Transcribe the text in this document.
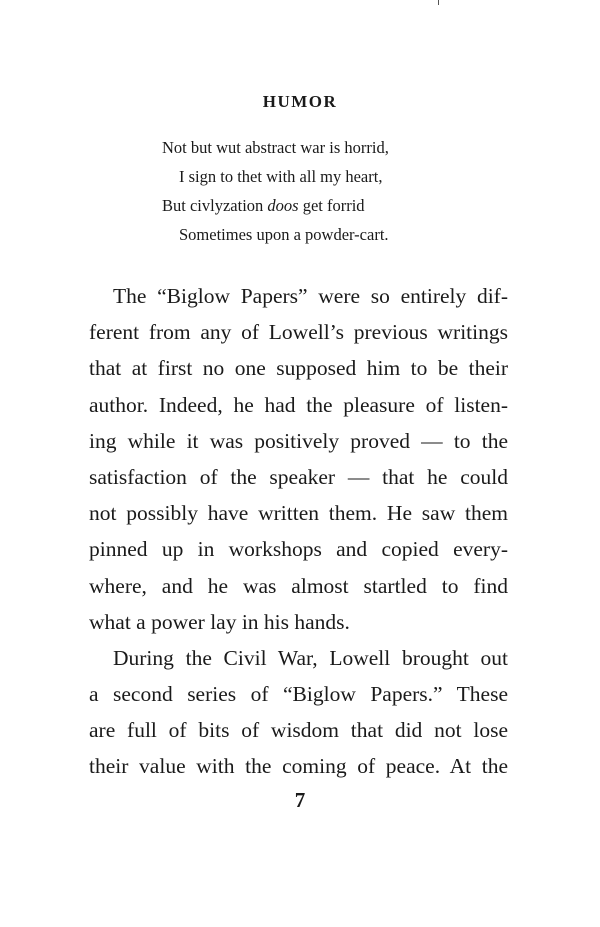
HUMOR
Not but wut abstract war is horrid,
I sign to thet with all my heart,
But civlyzation doos get forrid
Sometimes upon a powder-cart.
The “Biglow Papers” were so entirely dif-
ferent from any of Lowell’s previous writings
that at first no one supposed him to be their
author. Indeed, he had the pleasure of listen-
ing while it was positively proved — to the
satisfaction of the speaker — that he could
not possibly have written them. He saw them
pinned up in workshops and copied every-
where, and he was almost startled to find
what a power lay in his hands.
During the Civil War, Lowell brought out
a second series of “Biglow Papers.” These
are full of bits of wisdom that did not lose
their value with the coming of peace. At the
7
